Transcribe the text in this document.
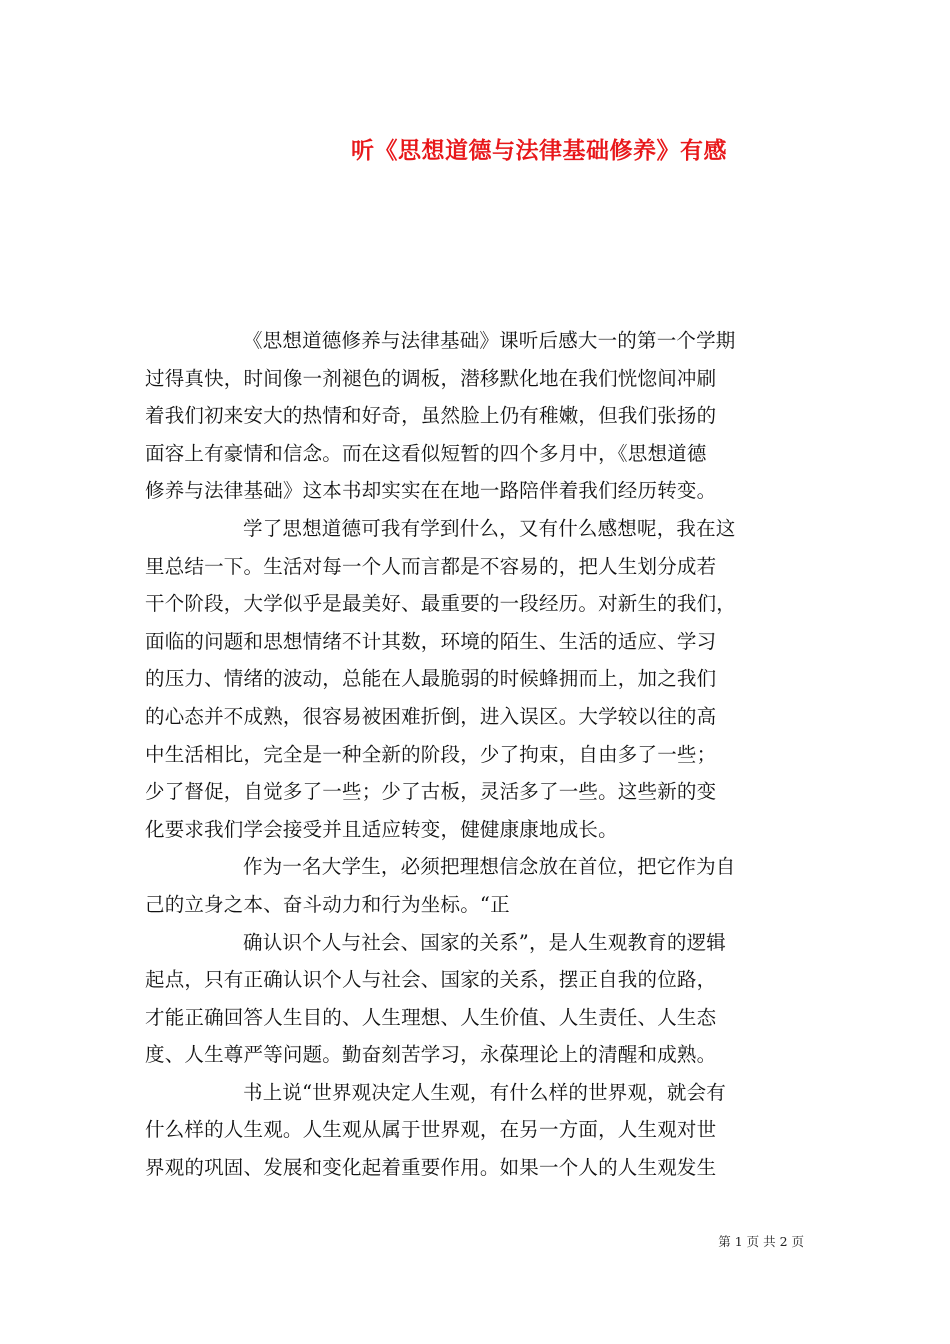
听《思想道德与法律基础修养》有感
《思想道德修养与法律基础》课听后感大一的第一个学期
过得真快，时间像一剂褪色的调板，潜移默化地在我们恍惚间冲刷
着我们初来安大的热情和好奇，虽然脸上仍有稚嫩，但我们张扬的
面容上有豪情和信念。而在这看似短暂的四个多月中，《思想道德
修养与法律基础》这本书却实实在在地一路陪伴着我们经历转变。
学了思想道德可我有学到什么，又有什么感想呢，我在这
里总结一下。生活对每一个人而言都是不容易的，把人生划分成若
干个阶段，大学似乎是最美好、最重要的一段经历。对新生的我们，
面临的问题和思想情绪不计其数，环境的陌生、生活的适应、学习
的压力、情绪的波动，总能在人最脆弱的时候蜂拥而上，加之我们
的心态并不成熟，很容易被困难折倒，进入误区。大学较以往的高
中生活相比，完全是一种全新的阶段，少了拘束，自由多了一些；
少了督促，自觉多了一些；少了古板，灵活多了一些。这些新的变
化要求我们学会接受并且适应转变，健健康康地成长。
作为一名大学生，必须把理想信念放在首位，把它作为自
己的立身之本、奋斗动力和行为坐标。“正
确认识个人与社会、国家的关系”，是人生观教育的逻辑
起点，只有正确认识个人与社会、国家的关系，摆正自我的位路，
才能正确回答人生目的、人生理想、人生价值、人生责任、人生态
度、人生尊严等问题。勤奋刻苦学习，永葆理论上的清醒和成熟。
书上说“世界观决定人生观，有什么样的世界观，就会有
什么样的人生观。人生观从属于世界观，在另一方面，人生观对世
界观的巩固、发展和变化起着重要作用。如果一个人的人生观发生
第 1 页 共 2 页
